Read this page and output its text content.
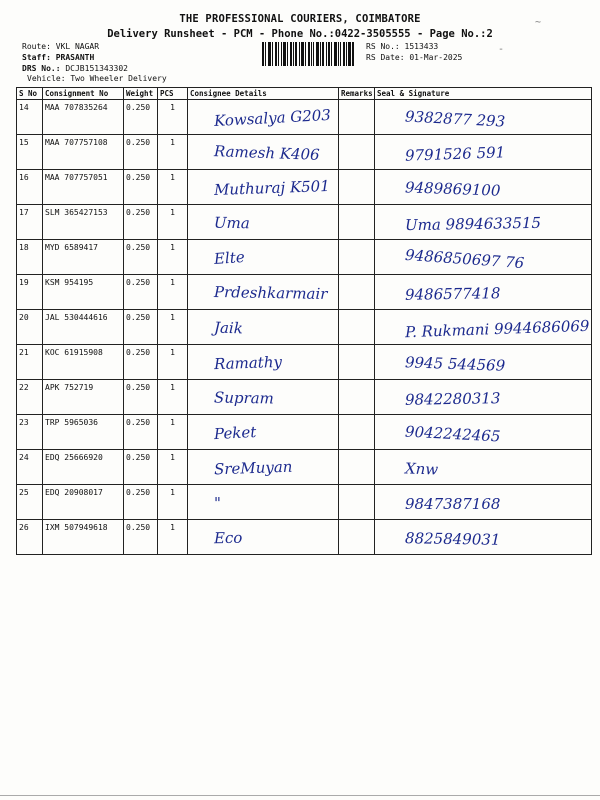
THE PROFESSIONAL COURIERS, COIMBATORE
Delivery Runsheet - PCM - Phone No.:0422-3505555 - Page No.:2
Route: VKL NAGAR
Staff: PRASANTH
DRS No.: DCJB151343302
Vehicle: Two Wheeler Delivery
RS No.: 1513433
RS Date: 01-Mar-2025
~
-
S No	Consignment No	Weight	PCS	Consignee Details	Remarks	Seal & Signature
14	MAA 707835264	0.250	1	Kowsalya G203		9382877 293

15	MAA 707757108	0.250	1	Ramesh K406		9791526 591

16	MAA 707757051	0.250	1	Muthuraj K501		9489869100

17	SLM 365427153	0.250	1	Uma		Uma 9894633515

18	MYD 6589417	0.250	1	Elte		9486850697 76

19	KSM 954195	0.250	1	Prdeshkarmair		9486577418

20	JAL 530444616	0.250	1	Jaik		P. Rukmani 9944686069

21	KOC 61915908	0.250	1	Ramathy		9945 544569

22	APK 752719	0.250	1	Supram		9842280313

23	TRP 5965036	0.250	1	Peket		9042242465

24	EDQ 25666920	0.250	1	SreMuyan		Xnw

25	EDQ 20908017	0.250	1	"		9847387168

26	IXM 507949618	0.250	1	Eco		8825849031
